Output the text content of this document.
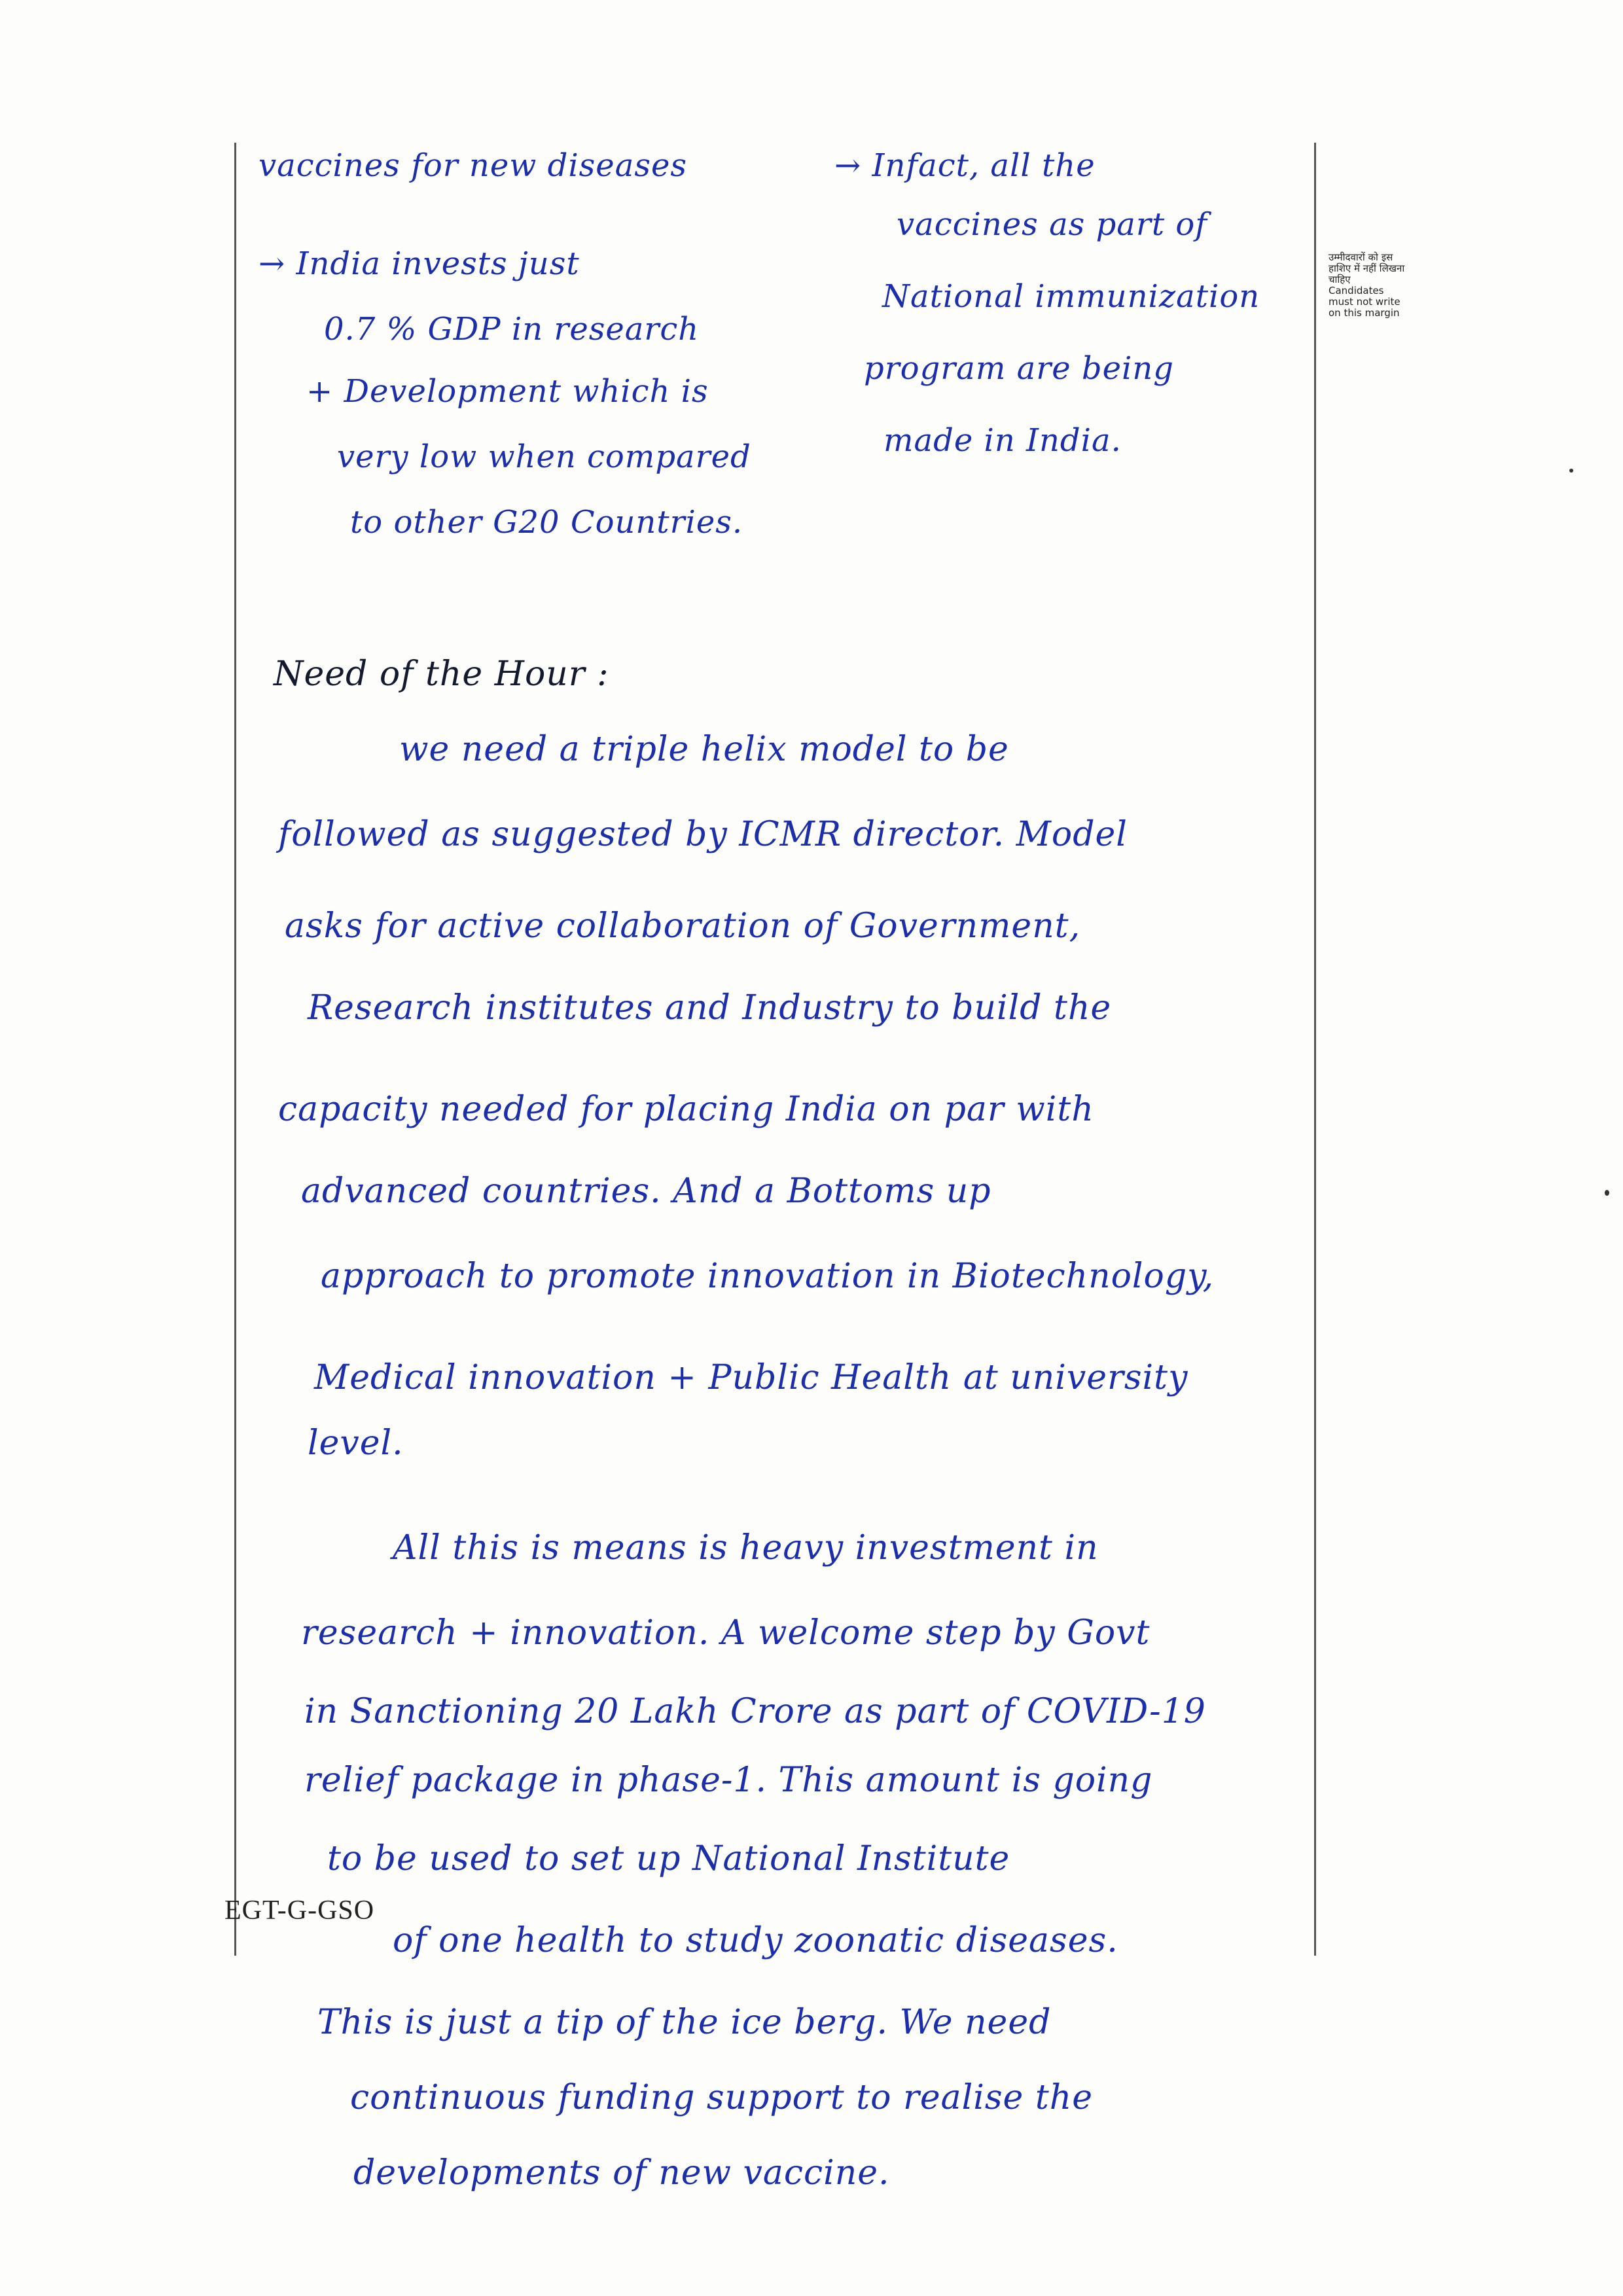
उम्मीदवारों को इस हाशिए में नहीं लिखना चाहिए
Candidates must not write on this margin
vaccines for new diseases
→ India invests just
0.7 % GDP in research
+ Development which is
very low when compared
to other G20 Countries.
→ Infact, all the
vaccines as part of
National immunization
program are being
made in India.
Need of the Hour :
we need a triple helix model to be
followed as suggested by ICMR director. Model
asks for active collaboration of Government,
Research institutes and Industry to build the
capacity needed for placing India on par with
advanced countries. And a Bottoms up
approach to promote innovation in Biotechnology,
Medical innovation + Public Health at university
level.
All this is means is heavy investment in
research + innovation. A welcome step by Govt
in Sanctioning 20 Lakh Crore as part of COVID-19
relief package in phase-1. This amount is going
to be used to set up National Institute
of one health to study zoonatic diseases.
EGT-G-GSO
This is just a tip of the ice berg. We need
continuous funding support to realise the
developments of new vaccine.
